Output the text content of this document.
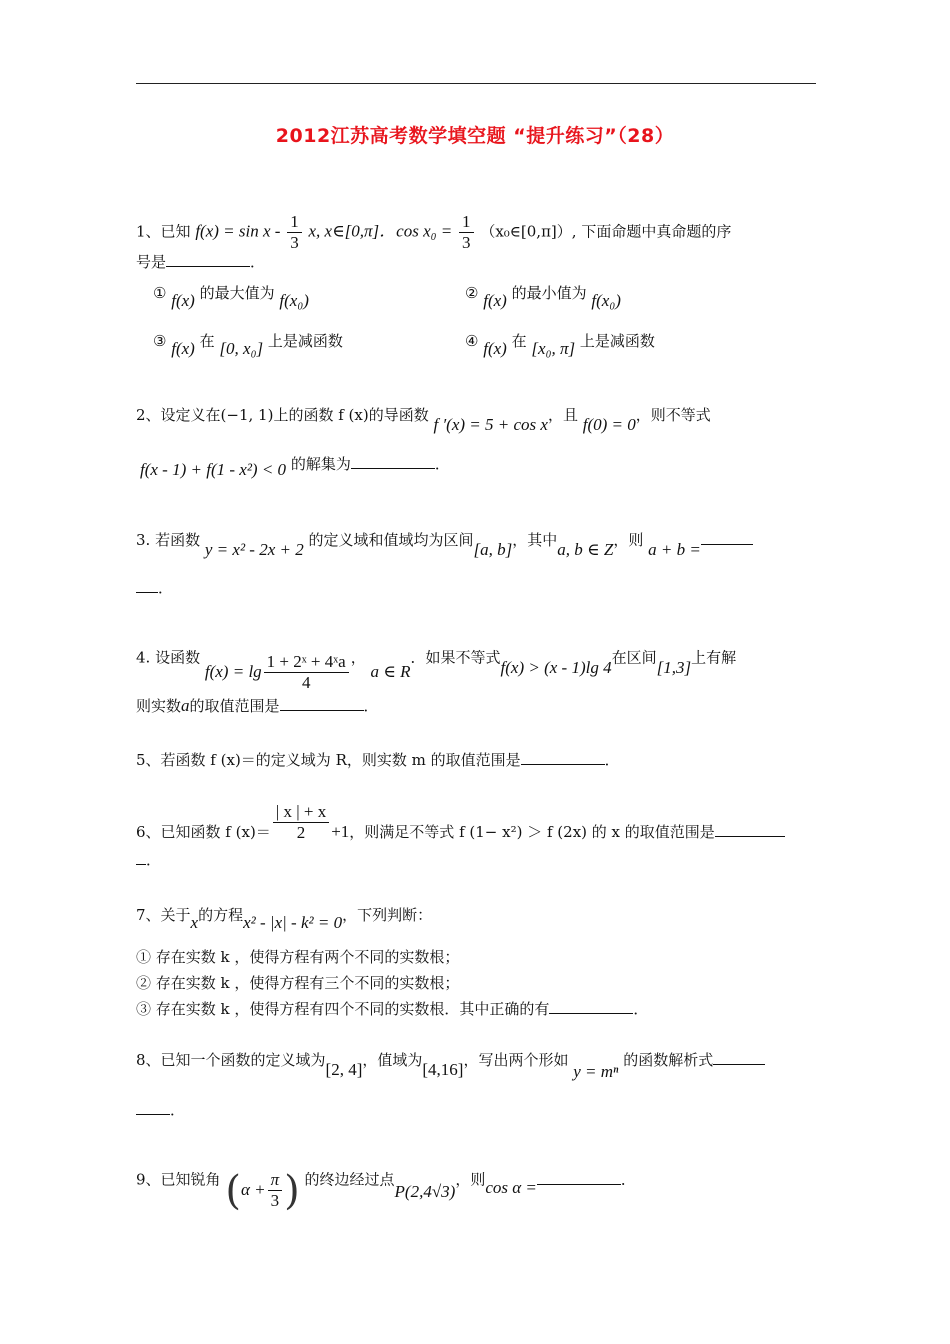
2012江苏高考数学填空题 “提升练习”（28）
1、已知 $f(x) = \sin x - \frac{1}{3} x$, x∈[0,π]．$\cos x_0 = \frac{1}{3}$ （x₀∈[0,π]）, 下面命题中真命题的序
号是	．
① f(x) 的最大值为 f(x₀)	② f(x) 的最小值为 f(x₀)
③ f(x) 在 [0, x₀] 上是减函数	④ f(x) 在 [x₀, π] 上是减函数
2、设定义在(−1, 1)上的函数 f (x)的导函数 f ′(x) = 5 + cos x，且 f(0) = 0，则不等式
f(x - 1) + f(1 - x²) < 0 的解集为	．
3. 若函数 y = x² - 2x + 2 的定义域和值域均为区间[a, b]，其中a, b ∈ Z，则 a + b =
．
4. 设函数 $f(x) = \lg \frac{\text{1 + 2ˣ + 4ˣa}}{4}$ ， a ∈ R．如果不等式f(x) > (x - 1)lg 4在区间[1,3]上有解
则实数a的取值范围是	．
5、若函数 f (x)＝的定义域为 R，则实数 m 的取值范围是	．
6、已知函数 f $(x)= \frac{| x | + x}{2} +1$，则满足不等式 f (1− x²) ＞ f (2x) 的 x 的取值范围是
．
7、关于x的方程x² - |x| - k² = 0，下列判断：
① 存在实数 k ，使得方程有两个不同的实数根；
② 存在实数 k ，使得方程有三个不同的实数根；
③ 存在实数 k ，使得方程有四个不同的实数根．其中正确的有	．
8、已知一个函数的定义域为[2, 4]，值域为[4,16]，写出两个形如 y = mⁿ 的函数解析式
．
9、已知锐角 ($\alpha + \frac{\pi}{3}$ ) 的终边经过点P(2,4√3)，则cos α =	．
